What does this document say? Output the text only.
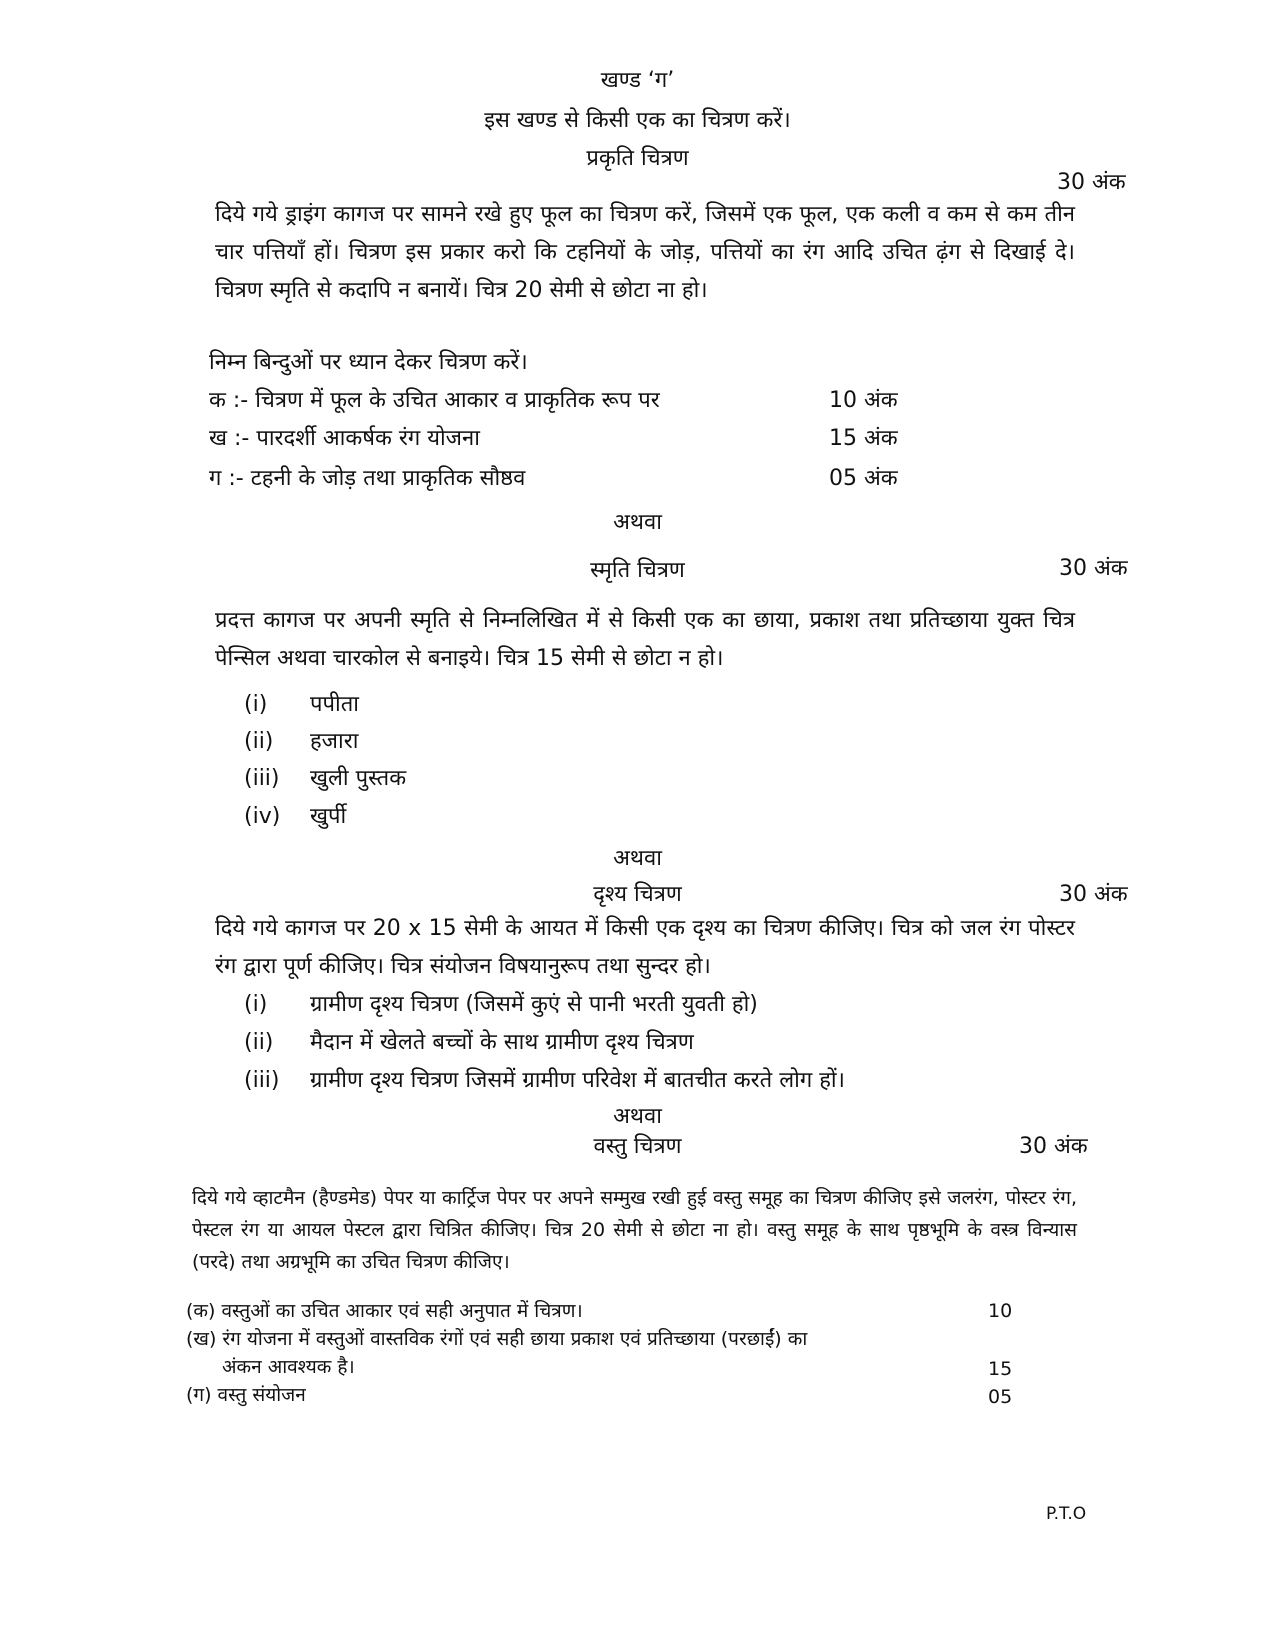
खण्ड ‘ग’
इस खण्ड से किसी एक का चित्रण करें।
प्रकृति चित्रण
30 अंक
दिये गये ड्राइंग कागज पर सामने रखे हुए फूल का चित्रण करें, जिसमें एक फूल, एक कली व कम से कम तीन चार पत्तियाँ हों। चित्रण इस प्रकार करो कि टहनियों के जोड़, पत्तियों का रंग आदि उचित ढ़ंग से दिखाई दे। चित्रण स्मृति से कदापि न बनायें। चित्र 20 सेमी से छोटा ना हो।
निम्न बिन्दुओं पर ध्यान देकर चित्रण करें।
क :- चित्रण में फूल के उचित आकार व प्राकृतिक रूप पर	10 अंक
ख :- पारदर्शी आकर्षक रंग योजना	15 अंक
ग :- टहनी के जोड़ तथा प्राकृतिक सौष्ठव	05 अंक
अथवा
स्मृति चित्रण	30 अंक
प्रदत्त कागज पर अपनी स्मृति से निम्नलिखित में से किसी एक का छाया, प्रकाश तथा प्रतिच्छाया युक्त चित्र पेन्सिल अथवा चारकोल से बनाइये। चित्र 15 सेमी से छोटा न हो।
(i) पपीता
(ii) हजारा
(iii) खुली पुस्तक
(iv) खुर्पी
अथवा
दृश्य चित्रण	30 अंक
दिये गये कागज पर 20 x 15 सेमी के आयत में किसी एक दृश्य का चित्रण कीजिए। चित्र को जल रंग पोस्टर रंग द्वारा पूर्ण कीजिए। चित्र संयोजन विषयानुरूप तथा सुन्दर हो।
(i) ग्रामीण दृश्य चित्रण (जिसमें कुएं से पानी भरती युवती हो)
(ii) मैदान में खेलते बच्चों के साथ ग्रामीण दृश्य चित्रण
(iii) ग्रामीण दृश्य चित्रण जिसमें ग्रामीण परिवेश में बातचीत करते लोग हों।
अथवा
वस्तु चित्रण	30 अंक
दिये गये व्हाटमैन (हैण्डमेड) पेपर या कार्ट्रिज पेपर पर अपने सम्मुख रखी हुई वस्तु समूह का चित्रण कीजिए इसे जलरंग, पोस्टर रंग, पेस्टल रंग या आयल पेस्टल द्वारा चित्रित कीजिए। चित्र 20 सेमी से छोटा ना हो। वस्तु समूह के साथ पृष्ठभूमि के वस्त्र विन्यास (परदे) तथा अग्रभूमि का उचित चित्रण कीजिए।
(क) वस्तुओं का उचित आकार एवं सही अनुपात में चित्रण।	10
(ख) रंग योजना में वस्तुओं वास्तविक रंगों एवं सही छाया प्रकाश एवं प्रतिच्छाया (परछाईं) का
अंकन आवश्यक है।	15
(ग) वस्तु संयोजन	05
P.T.O
